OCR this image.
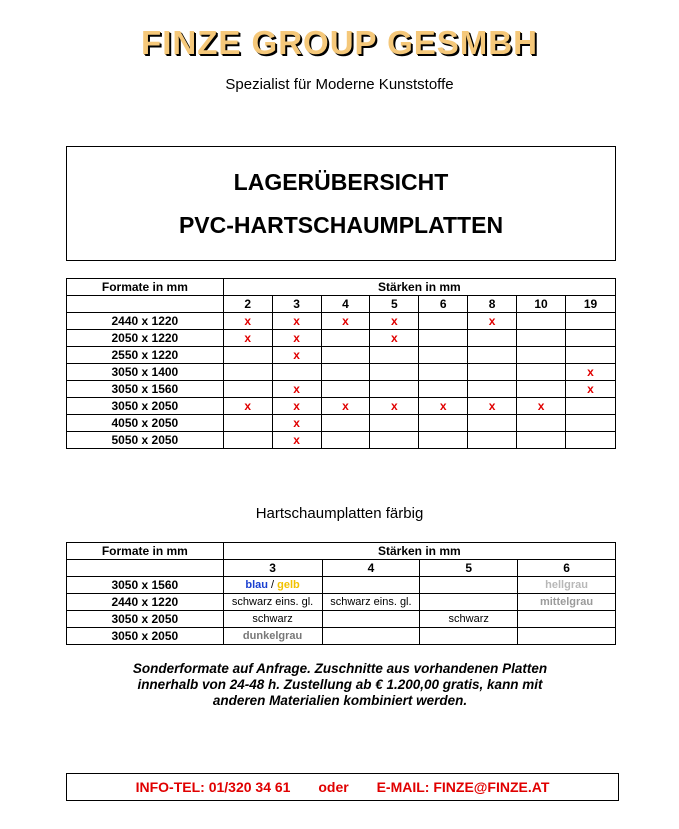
FINZE GROUP GESMBH
Spezialist für Moderne Kunststoffe
LAGERÜBERSICHT
PVC-HARTSCHAUMPLATTEN
Formate in mm	Stärken in mm							
	2	3	4	5	6	8	10	19
2440 x 1220	x	x	x	x		x		
2050 x 1220	x	x		x				
2550 x 1220		x						
3050 x 1400								x
3050 x 1560		x						x
3050 x 2050	x	x	x	x	x	x	x	
4050 x 2050		x						
5050 x 2050		x						
Hartschaumplatten färbig
Formate in mm	Stärken in mm			
	3	4	5	6
3050 x 1560	blau / gelb			hellgrau
2440 x 1220	schwarz eins. gl.	schwarz eins. gl.		mittelgrau
3050 x 2050	schwarz		schwarz	
3050 x 2050	dunkelgrau			
Sonderformate auf Anfrage. Zuschnitte aus vorhandenen Platten
innerhalb von 24-48 h. Zustellung ab € 1.200,00 gratis, kann mit
anderen Materialien kombiniert werden.
INFO-TEL: 01/320 34 61 oder E-MAIL: FINZE@FINZE.AT
